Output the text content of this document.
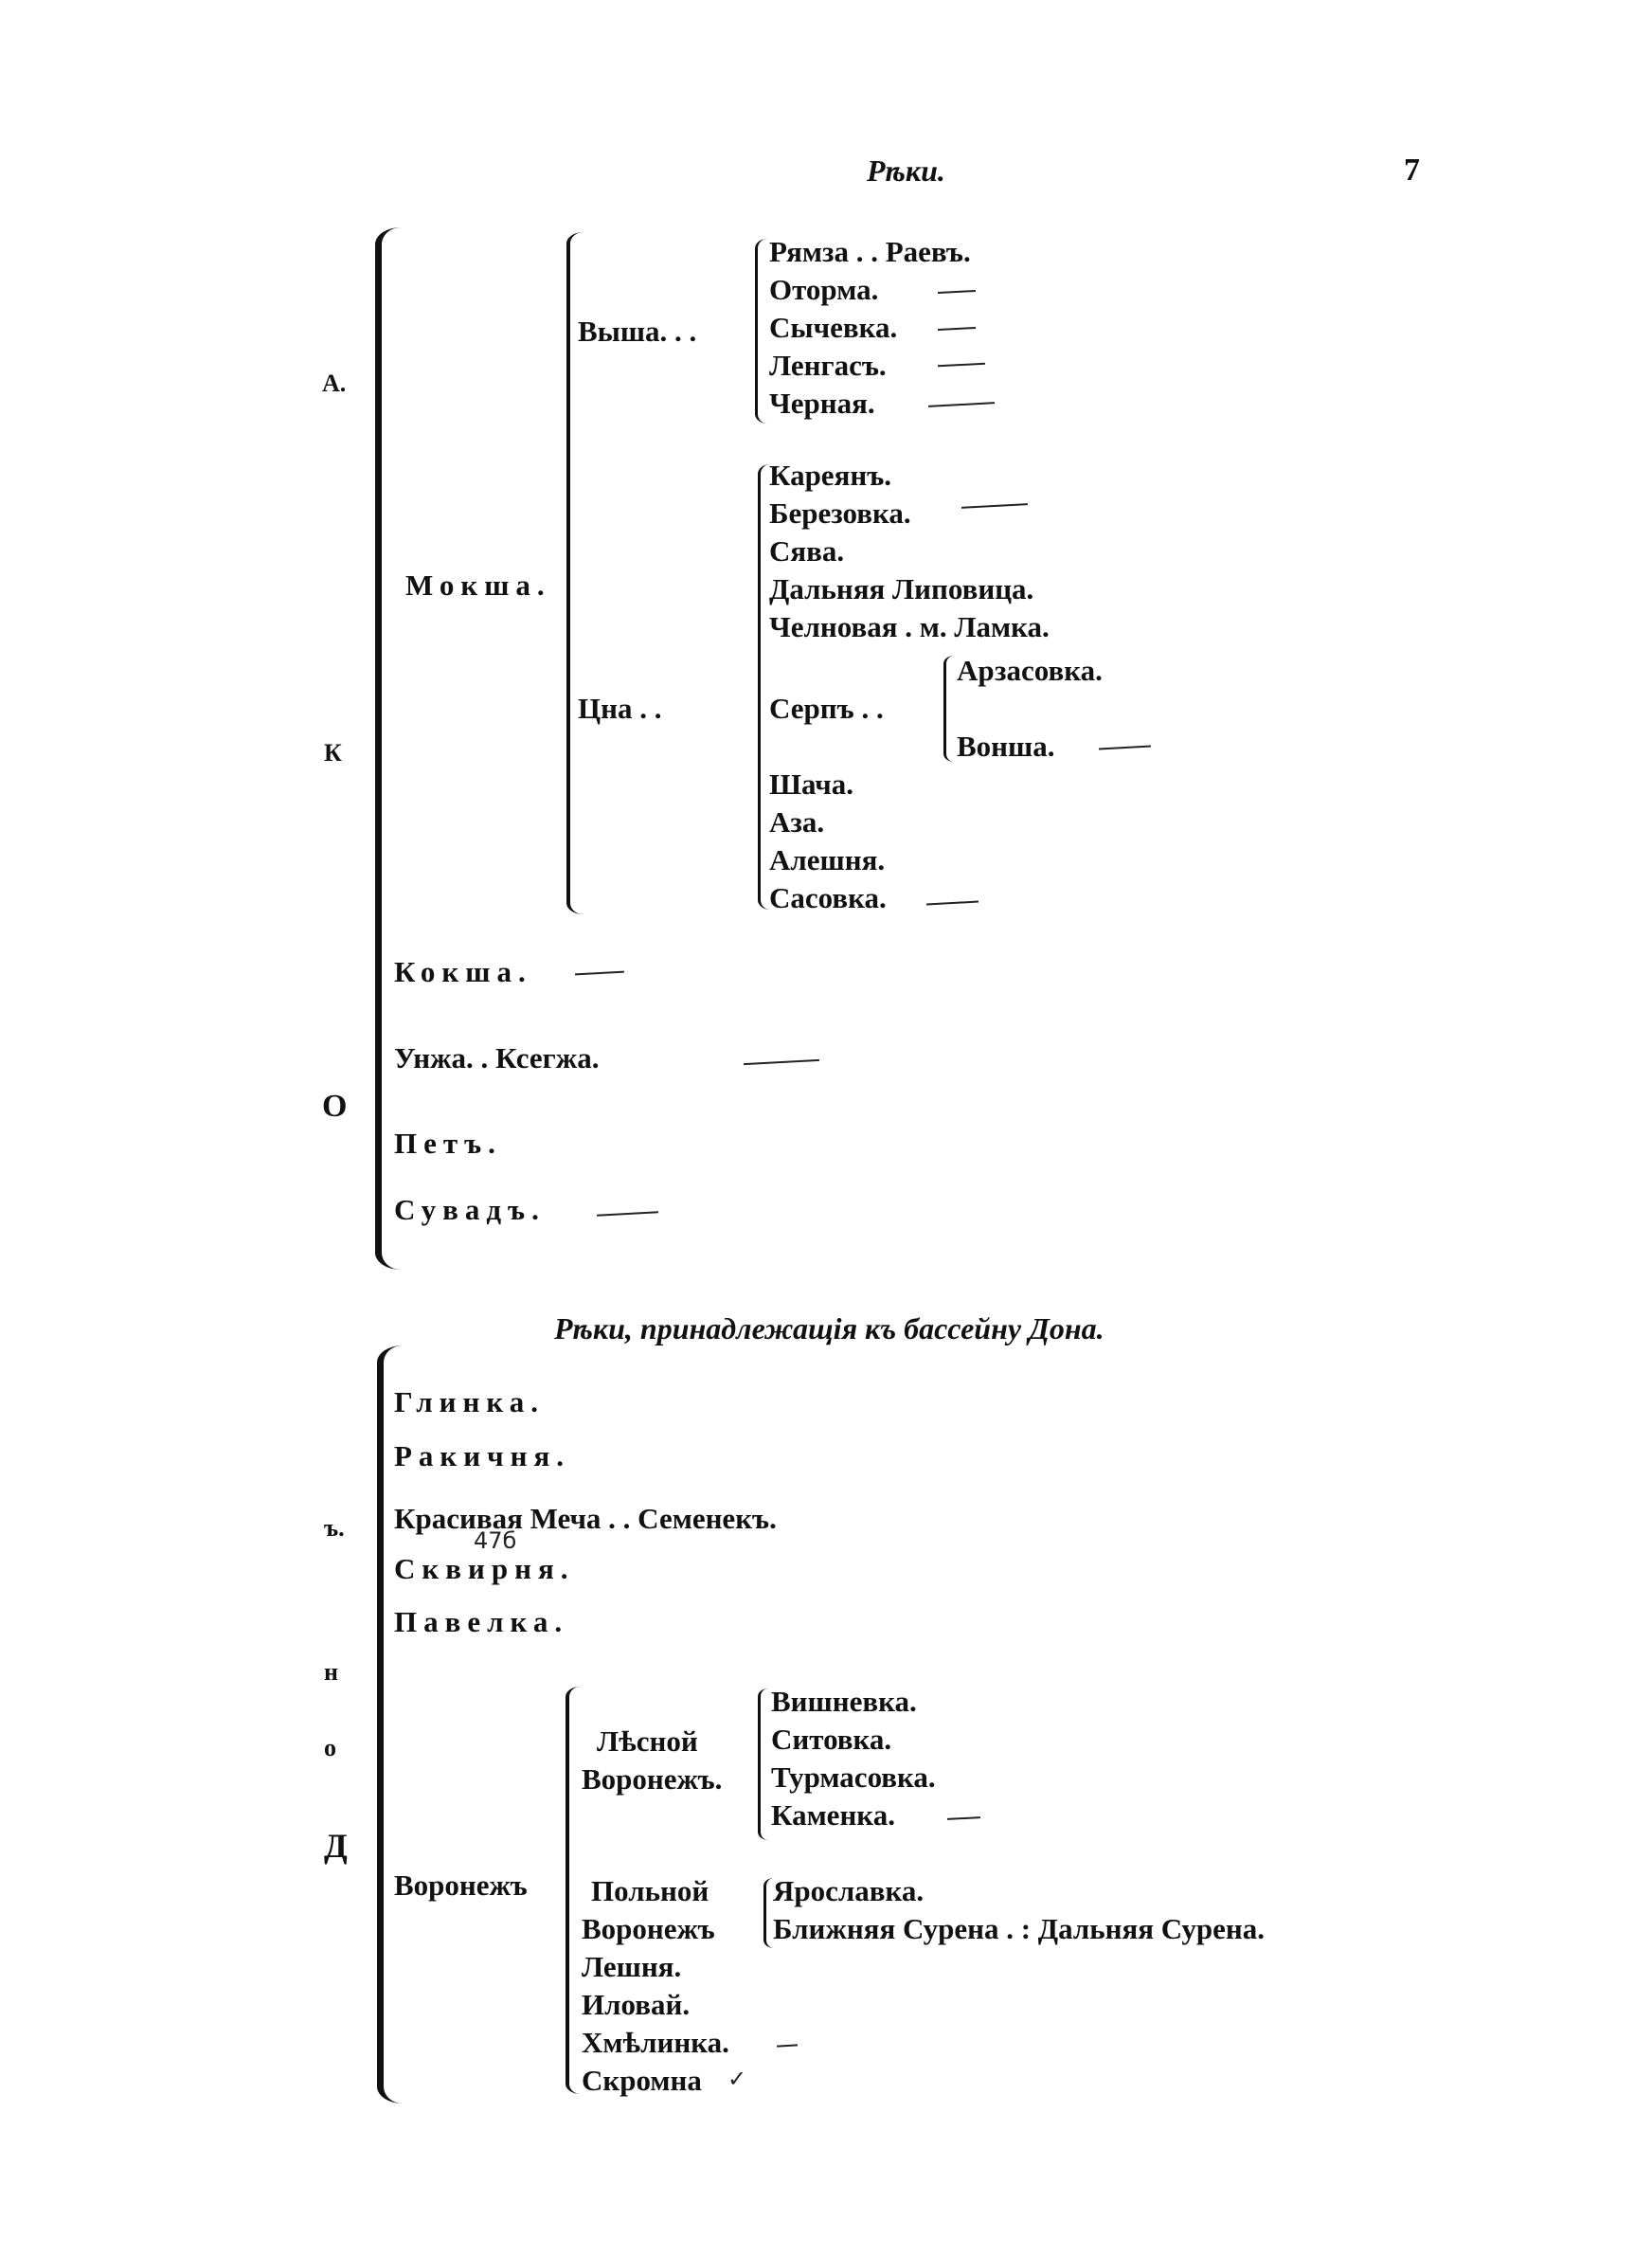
Рѣки.	7
А.
К
О
Мокша.
Выша. . .
Рямза . . Раевъ.
Оторма.
Сычевка.
Ленгасъ.
Черная.
Цна . .
Кареянъ.
Березовка.
Сява.
Дальняя Липовица.
Челновая . м. Ламка.
Серпъ . .
Арзасовка.
Вонша.
Шача.
Аза.
Алешня.
Сасовка.
Кокша.
Унжа. . Ксегжа.
Петъ.
Сувадъ.
Рѣки, принадлежащія къ бассейну Дона.
Д
о
н
ъ.
Глинка.
Ракичня.
Красивая Меча . . Семенекъ.
47б
Сквирня.
Павелка.
Воронежъ
Лѣсной
Воронежъ.
Вишневка.
Ситовка.
Турмасовка.
Каменка.
Польной
Воронежъ
Ярославка.
Ближняя Сурена . : Дальняя Сурена.
Лешня.
Иловай.
Хмѣлинка.
Скромна ✓
